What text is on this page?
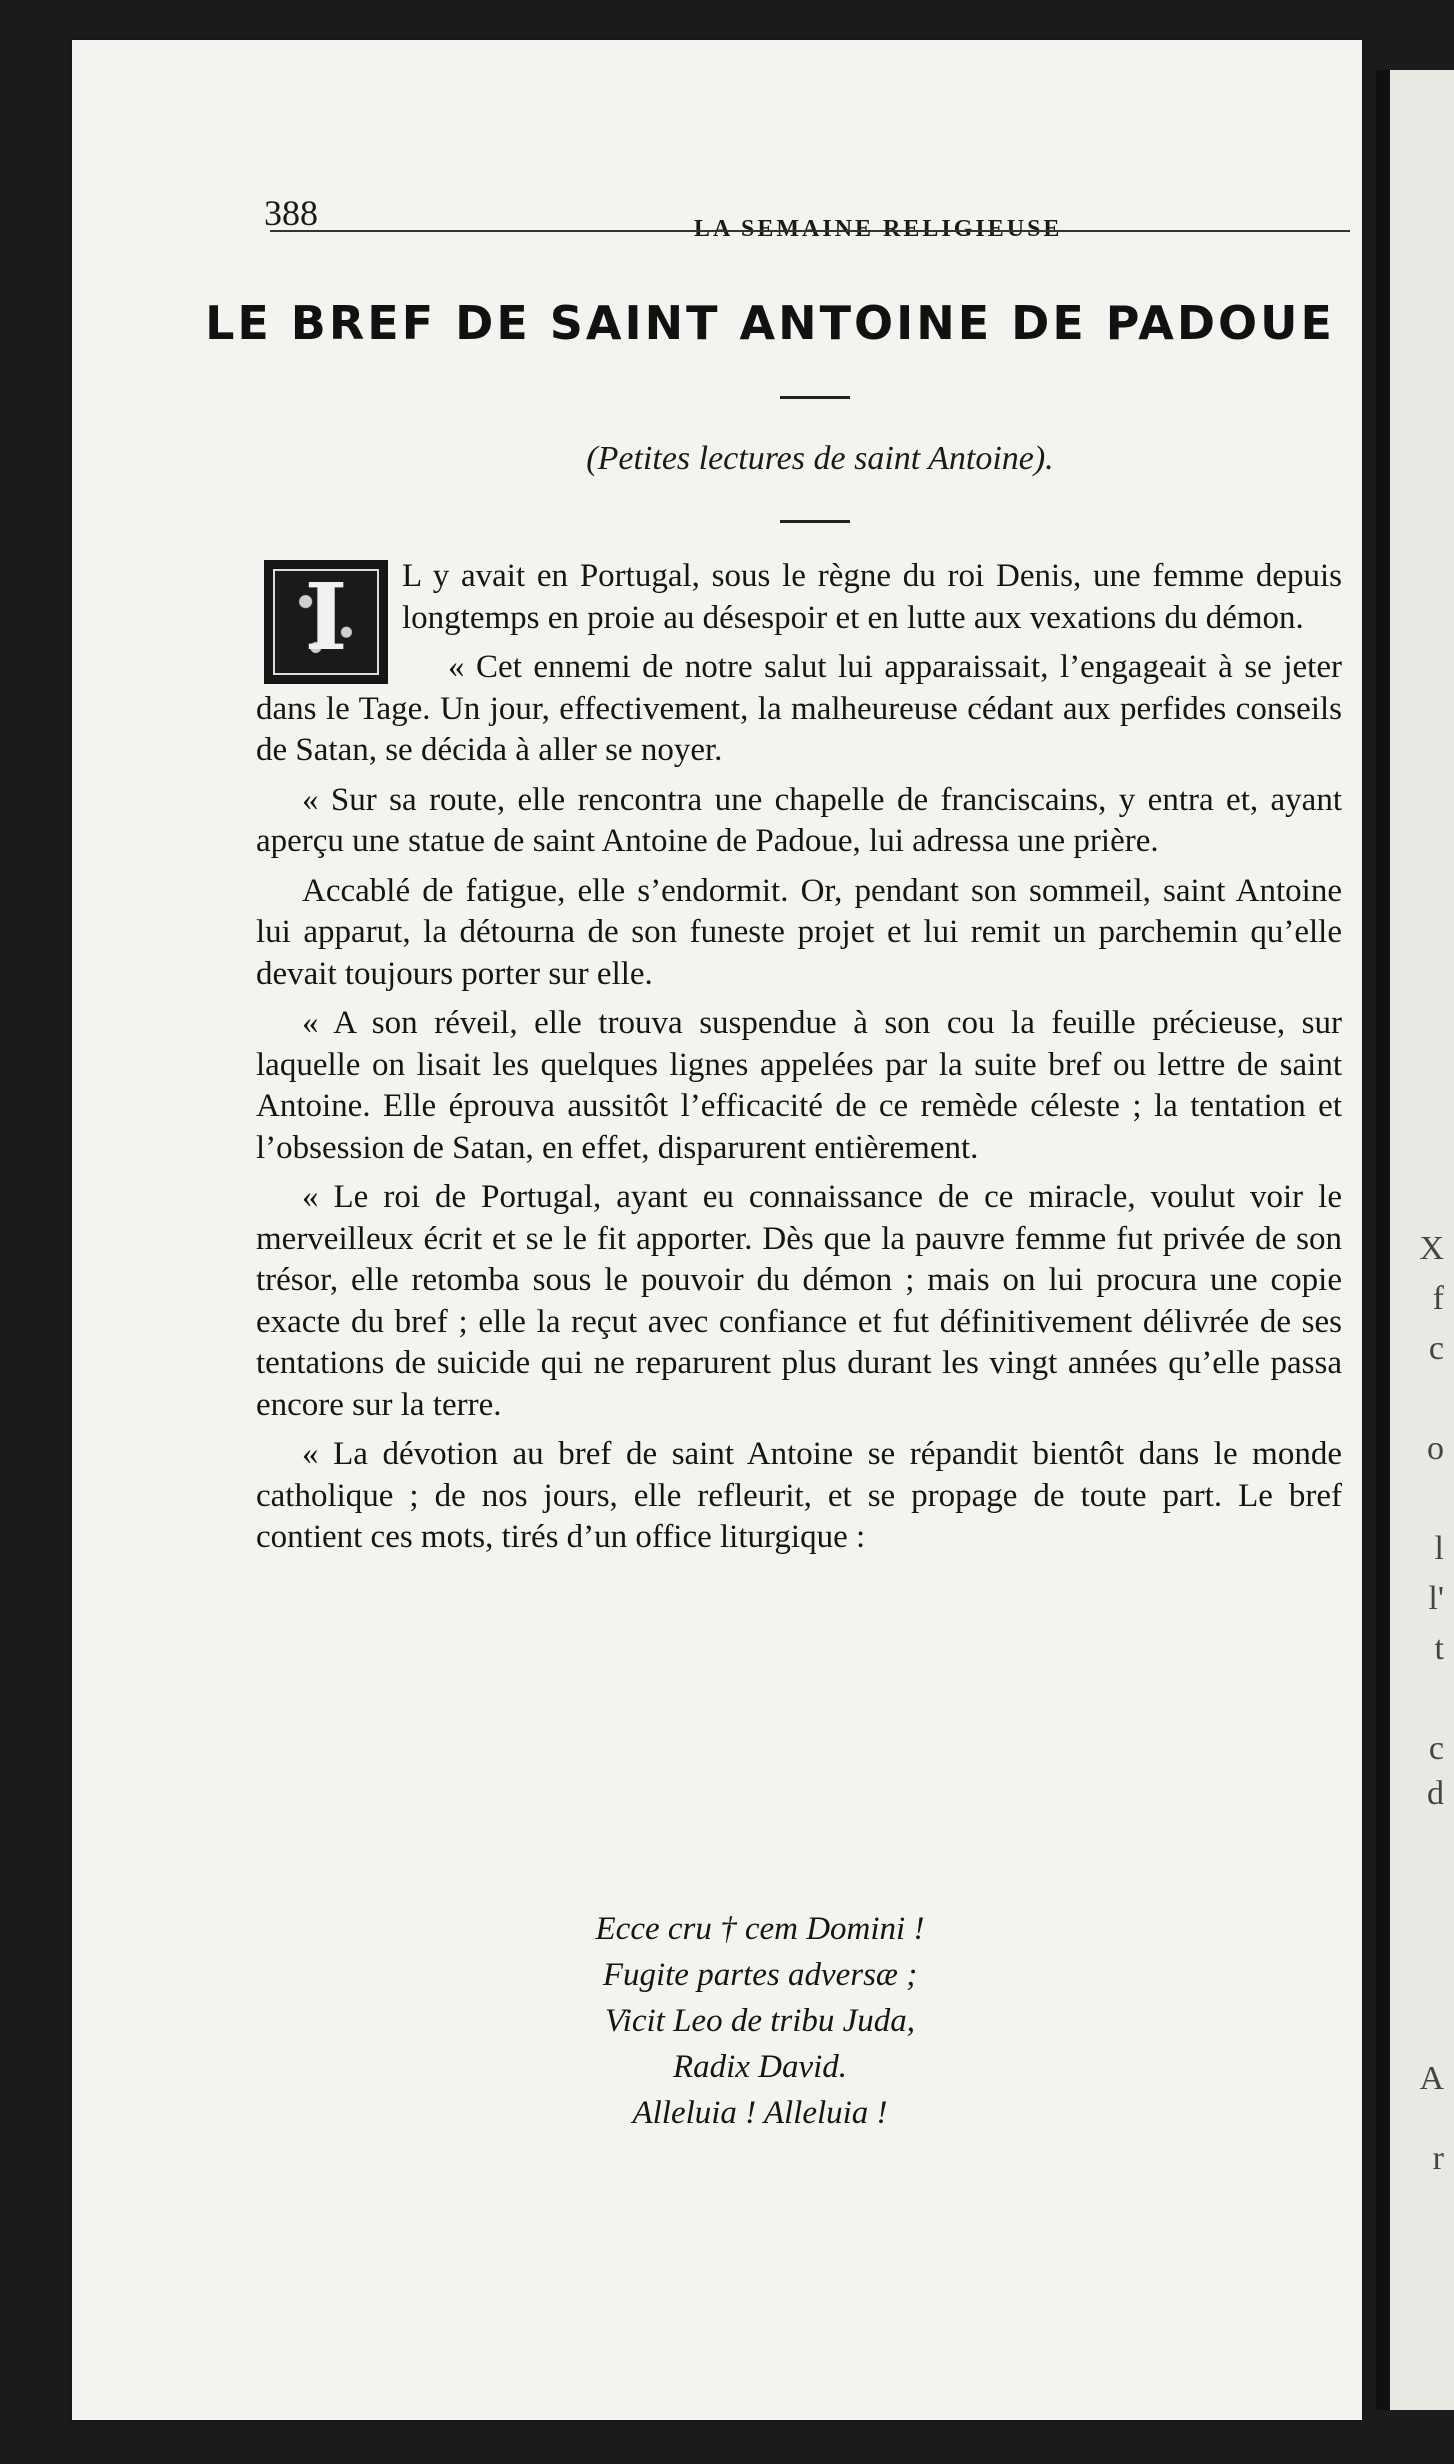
388	LA SEMAINE RELIGIEUSE
LE BREF DE SAINT ANTOINE DE PADOUE
(Petites lectures de saint Antoine).

I	L y avait en Portugal, sous le règne du roi Denis, une femme depuis longtemps en proie au désespoir et en lutte aux vexations du démon.

« Cet ennemi de notre salut lui apparaissait, l’engageait à se jeter dans le Tage. Un jour, effectivement, la malheureuse cédant aux perfides conseils de Satan, se décida à aller se noyer.

« Sur sa route, elle rencontra une chapelle de franciscains, y entra et, ayant aperçu une statue de saint Antoine de Padoue, lui adressa une prière.

Accablé de fatigue, elle s’endormit. Or, pendant son sommeil, saint Antoine lui apparut, la détourna de son funeste projet et lui remit un parchemin qu’elle devait toujours porter sur elle.

« A son réveil, elle trouva suspendue à son cou la feuille précieuse, sur laquelle on lisait les quelques lignes appelées par la suite bref ou lettre de saint Antoine. Elle éprouva aussitôt l’efficacité de ce remède céleste ; la tentation et l’obsession de Satan, en effet, disparurent entièrement.

« Le roi de Portugal, ayant eu connaissance de ce miracle, voulut voir le merveilleux écrit et se le fit apporter. Dès que la pauvre femme fut privée de son trésor, elle retomba sous le pouvoir du démon ; mais on lui procura une copie exacte du bref ; elle la reçut avec confiance et fut définitivement délivrée de ses tentations de suicide qui ne reparurent plus durant les vingt années qu’elle passa encore sur la terre.

« La dévotion au bref de saint Antoine se répandit bientôt dans le monde catholique ; de nos jours, elle refleurit, et se propage de toute part. Le bref contient ces mots, tirés d’un office liturgique :

Ecce cru † cem Domini !
Fugite partes adversæ ;
Vicit Leo de tribu Juda,
Radix David.
Alleluia ! Alleluia !
X
f
c
o
l
l'
t
c
d
A
r
